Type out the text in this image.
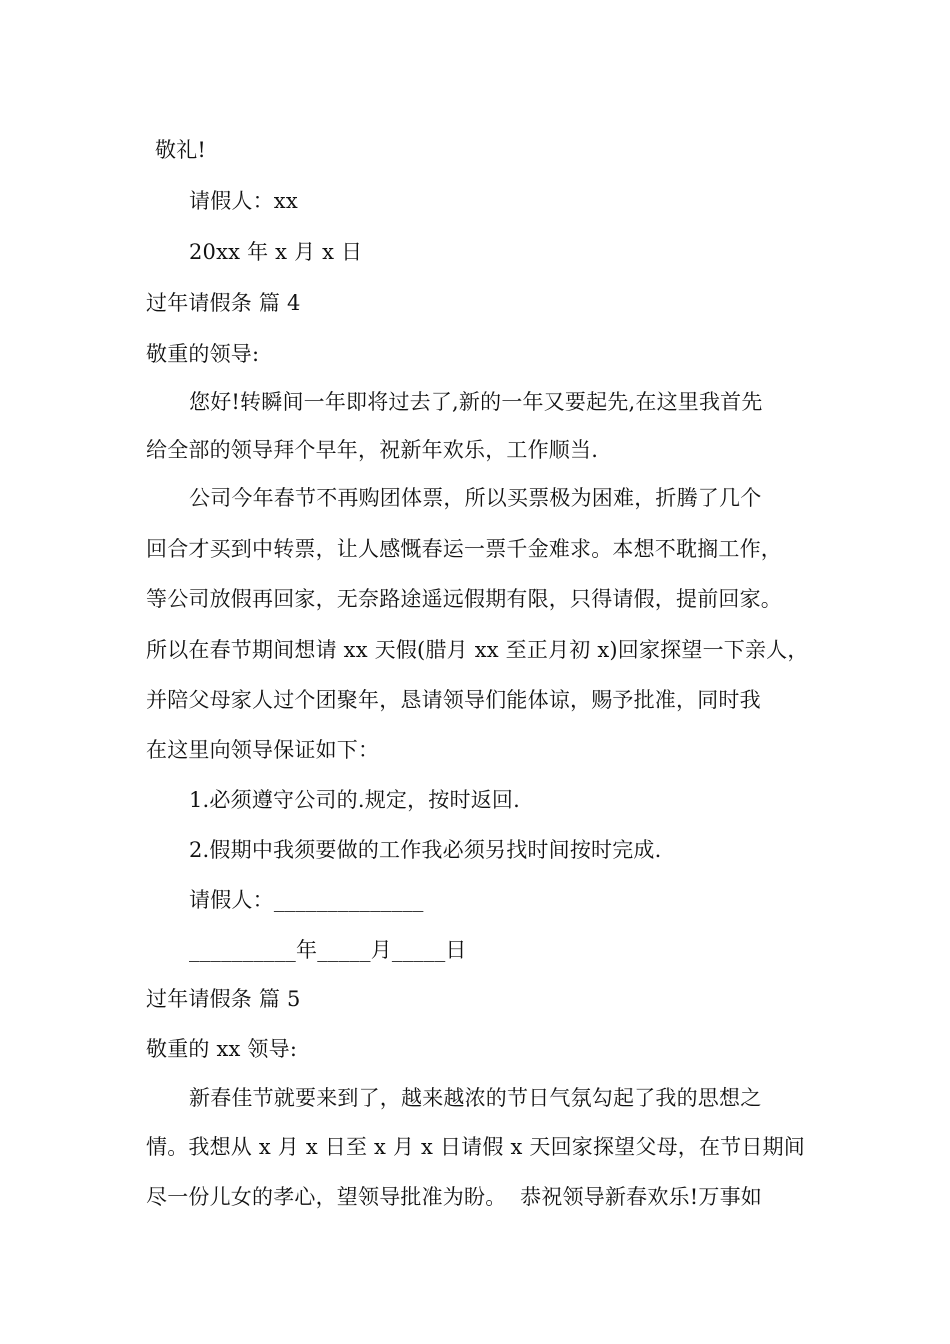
敬礼!
请假人：xx
20xx 年 x 月 x 日
过年请假条 篇 4
敬重的领导:
您好!转瞬间一年即将过去了,新的一年又要起先,在这里我首先
给全部的领导拜个早年，祝新年欢乐，工作顺当.
公司今年春节不再购团体票，所以买票极为困难，折腾了几个
回合才买到中转票，让人感慨春运一票千金难求。本想不耽搁工作，
等公司放假再回家，无奈路途遥远假期有限，只得请假，提前回家。
所以在春节期间想请 xx 天假(腊月 xx 至正月初 x)回家探望一下亲人，
并陪父母家人过个团聚年，恳请领导们能体谅，赐予批准，同时我
在这里向领导保证如下：
1.必须遵守公司的.规定，按时返回.
2.假期中我须要做的工作我必须另找时间按时完成.
请假人：______________
__________年_____月_____日
过年请假条 篇 5
敬重的 xx 领导:
新春佳节就要来到了，越来越浓的节日气氛勾起了我的思想之
情。我想从 x 月 x 日至 x 月 x 日请假 x 天回家探望父母，在节日期间
尽一份儿女的孝心，望领导批准为盼。  恭祝领导新春欢乐!万事如
